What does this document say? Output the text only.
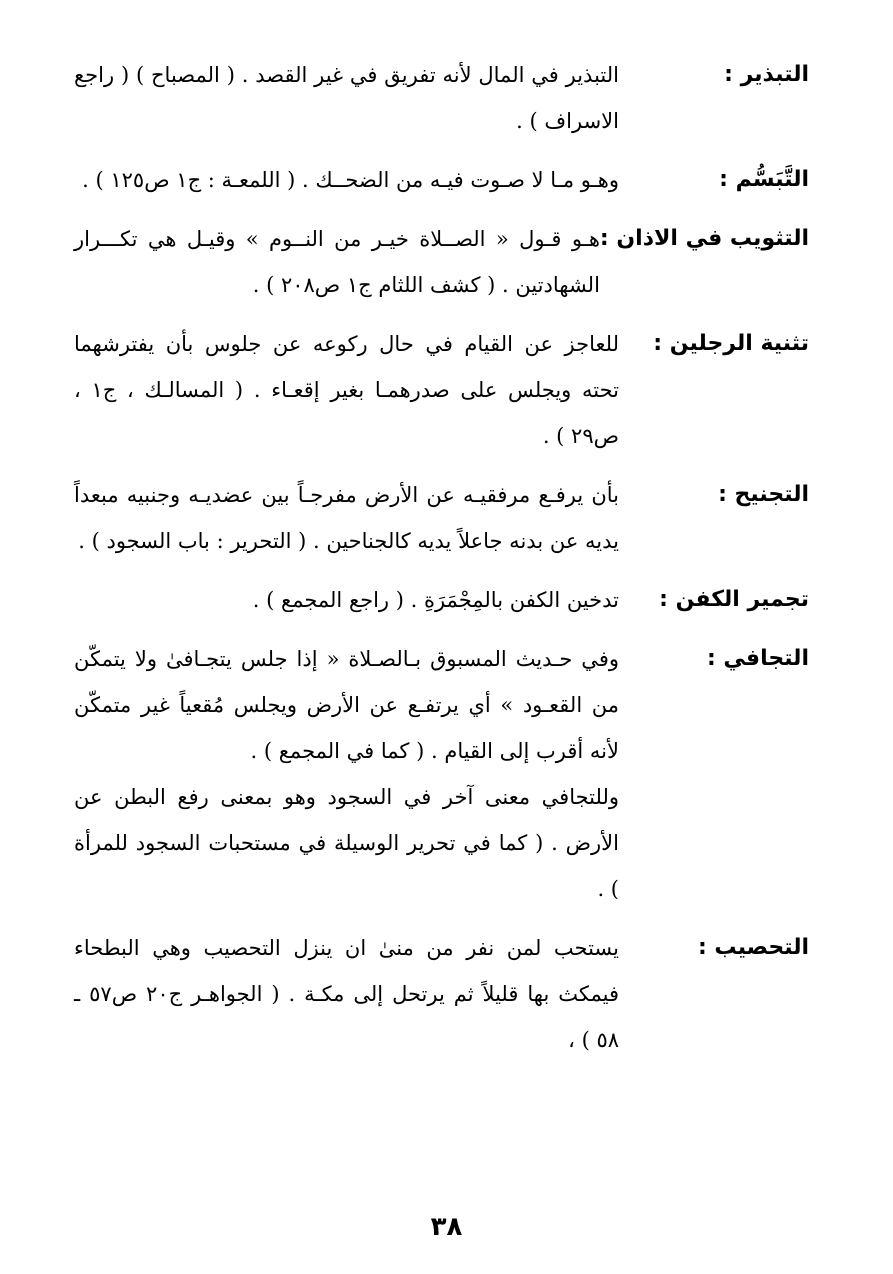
التبذير :

التبذير في المال لأنه تفريق في غير القصد . ( المصباح ) ( راجع الاسراف ) .

التَّبَسُّم :

وهـو مـا لا صـوت فيـه من الضحــك . ( اللمعـة : ج١ ص١٢٥ ) .

التثويب في الاذان :

هـو قـول « الصــلاة خيـر من النــوم » وقيـل هي تكـــرار الشهادتين . ( كشف اللثام ج١ ص٢٠٨ ) .

تثنية الرجلين :

للعاجز عن القيام في حال ركوعه عن جلوس بأن يفترشهما تحته ويجلس على صدرهمـا بغير إقعـاء . ( المسالـك ، ج١ ، ص٢٩ ) .

التجنيح :

بأن يرفـع مرفقيـه عن الأرض مفرجـاً بين عضديـه وجنبيه مبعداً يديه عن بدنه جاعلاً يديه كالجناحين . ( التحرير : باب السجود ) .

تجمير الكفن :

تدخين الكفن بالمِجْمَرَةِ . ( راجع المجمع ) .

التجافي :

وفي حـديث المسبوق بـالصـلاة « إذا جلس يتجـافىٰ ولا يتمكّن من القعـود » أي يرتفـع عن الأرض ويجلس مُقعياً غير متمكّن لأنه أقرب إلى القيام . ( كما في المجمع ) .

وللتجافي معنى آخر في السجود وهو بمعنى رفع البطن عن الأرض . ( كما في تحرير الوسيلة في مستحبات السجود للمرأة ) .

التحصيب :

يستحب لمن نفر من منىٰ ان ينزل التحصيب وهي البطحاء فيمكث بها قليلاً ثم يرتحل إلى مكـة . ( الجواهـر ج٢٠ ص٥٧ ـ ٥٨ ) ،

٣٨
